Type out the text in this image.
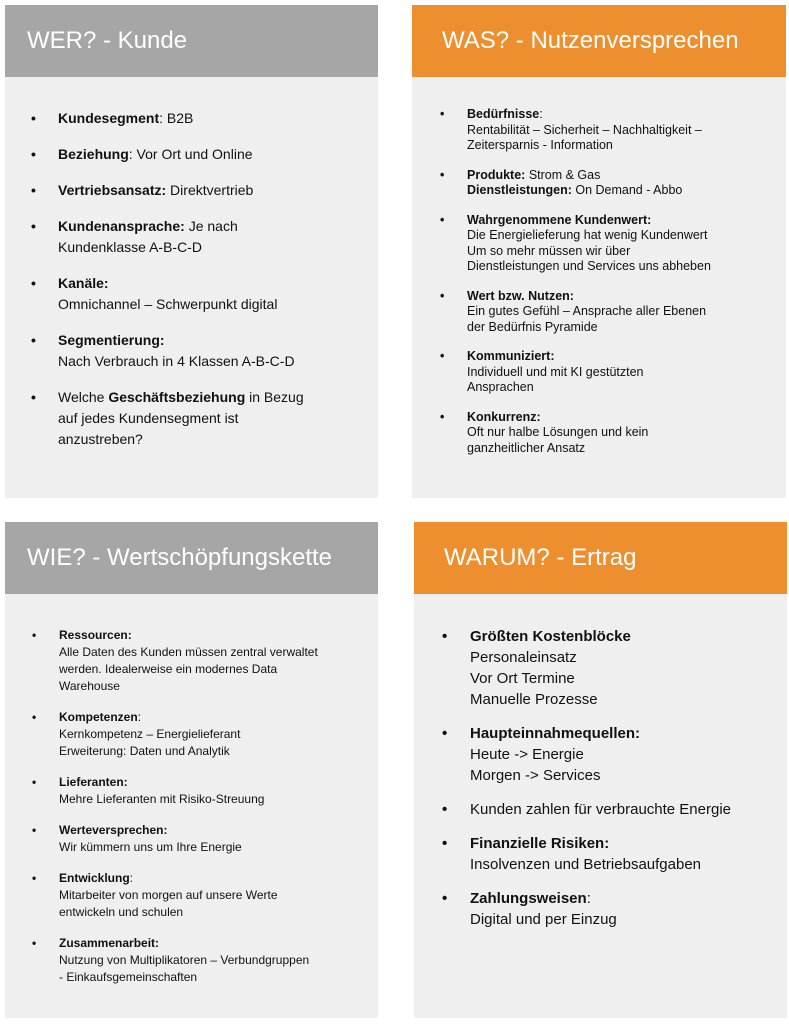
WER? - Kunde
• Kundesegment: B2B
• Beziehung: Vor Ort und Online
• Vertriebsansatz: Direktvertrieb
• Kundenansprache: Je nach
Kundenklasse A-B-C-D
• Kanäle:
Omnichannel – Schwerpunkt digital
• Segmentierung:
Nach Verbrauch in 4 Klassen A-B-C-D
• Welche Geschäftsbeziehung in Bezug
auf jedes Kundensegment ist
anzustreben?
WAS? - Nutzenversprechen
• Bedürfnisse:
Rentabilität – Sicherheit – Nachhaltigkeit –
Zeitersparnis - Information
• Produkte: Strom & Gas
Dienstleistungen: On Demand - Abbo
• Wahrgenommene Kundenwert:
Die Energielieferung hat wenig Kundenwert
Um so mehr müssen wir über
Dienstleistungen und Services uns abheben
• Wert bzw. Nutzen:
Ein gutes Gefühl – Ansprache aller Ebenen
der Bedürfnis Pyramide
• Kommuniziert:
Individuell und mit KI gestützten
Ansprachen
• Konkurrenz:
Oft nur halbe Lösungen und kein
ganzheitlicher Ansatz
WIE? - Wertschöpfungskette
• Ressourcen:
Alle Daten des Kunden müssen zentral verwaltet
werden. Idealerweise ein modernes Data
Warehouse
• Kompetenzen:
Kernkompetenz – Energielieferant
Erweiterung: Daten und Analytik
• Lieferanten:
Mehre Lieferanten mit Risiko-Streuung
• Werteversprechen:
Wir kümmern uns um Ihre Energie
• Entwicklung:
Mitarbeiter von morgen auf unsere Werte
entwickeln und schulen
• Zusammenarbeit:
Nutzung von Multiplikatoren – Verbundgruppen
- Einkaufsgemeinschaften
WARUM? - Ertrag
• Größten Kostenblöcke
Personaleinsatz
Vor Ort Termine
Manuelle Prozesse
• Haupteinnahmequellen:
Heute -> Energie
Morgen -> Services
• Kunden zahlen für verbrauchte Energie
• Finanzielle Risiken:
Insolvenzen und Betriebsaufgaben
• Zahlungsweisen:
Digital und per Einzug
